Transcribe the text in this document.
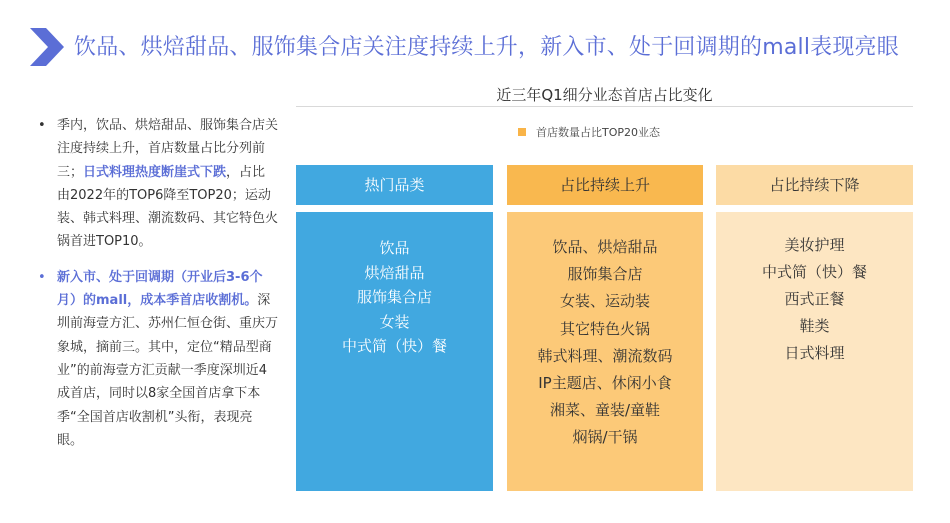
饮品、烘焙甜品、服饰集合店关注度持续上升，新入市、处于回调期的mall表现亮眼
• 季内，饮品、烘焙甜品、服饰集合店关注度持续上升，首店数量占比分列前三；日式料理热度断崖式下跌，占比由2022年的TOP6降至TOP20；运动装、韩式料理、潮流数码、其它特色火锅首进TOP10。
• 新入市、处于回调期（开业后3-6个月）的mall，成本季首店收割机。深圳前海壹方汇、苏州仁恒仓街、重庆万象城，摘前三。其中，定位“精品型商业”的前海壹方汇贡献一季度深圳近4成首店，同时以8家全国首店拿下本季“全国首店收割机”头衔，表现亮眼。
近三年Q1细分业态首店占比变化
首店数量占比TOP20业态
热门品类	占比持续上升	占比持续下降
饮品
烘焙甜品
服饰集合店
女装
中式简（快）餐
饮品、烘焙甜品
服饰集合店
女装、运动装
其它特色火锅
韩式料理、潮流数码
IP主题店、休闲小食
湘菜、童装/童鞋
焖锅/干锅
美妆护理
中式简（快）餐
西式正餐
鞋类
日式料理
